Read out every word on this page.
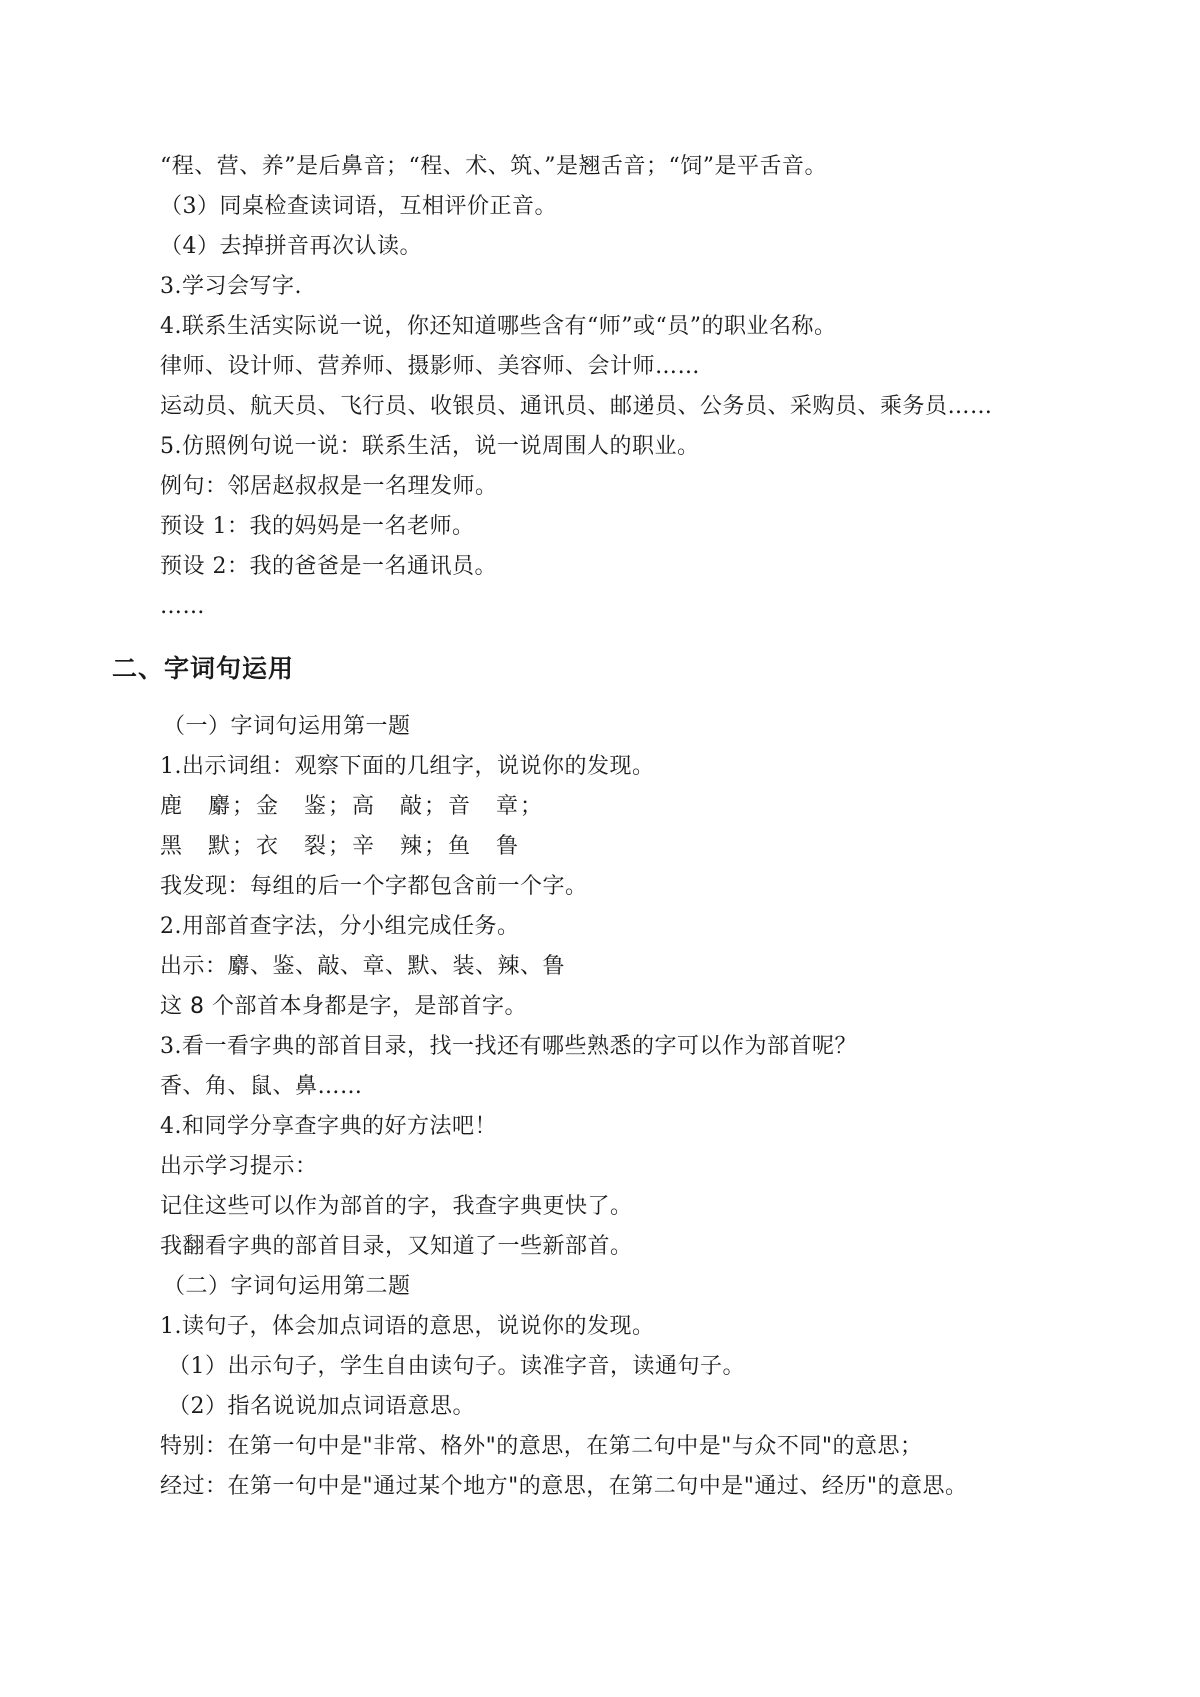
“程、营、养”是后鼻音；“程、术、筑、”是翘舌音；“饲”是平舌音。
（3）同桌检查读词语，互相评价正音。
（4）去掉拼音再次认读。
3.学习会写字.
4.联系生活实际说一说，你还知道哪些含有“师”或“员”的职业名称。
律师、设计师、营养师、摄影师、美容师、会计师……
运动员、航天员、飞行员、收银员、通讯员、邮递员、公务员、采购员、乘务员……
5.仿照例句说一说：联系生活，说一说周围人的职业。
例句：邻居赵叔叔是一名理发师。
预设 1：我的妈妈是一名老师。
预设 2：我的爸爸是一名通讯员。
……
二、字词句运用
（一）字词句运用第一题
1.出示词组：观察下面的几组字，说说你的发现。
鹿　麝；金　鉴；高　敲；音　章；
黑　默；衣　裂；辛　辣；鱼　鲁
我发现：每组的后一个字都包含前一个字。
2.用部首查字法，分小组完成任务。
出示：麝、鉴、敲、章、默、装、辣、鲁
这 8 个部首本身都是字，是部首字。
3.看一看字典的部首目录，找一找还有哪些熟悉的字可以作为部首呢？
香、角、鼠、鼻……
4.和同学分享查字典的好方法吧！
出示学习提示：
记住这些可以作为部首的字，我查字典更快了。
我翻看字典的部首目录，又知道了一些新部首。
（二）字词句运用第二题
1.读句子，体会加点词语的意思，说说你的发现。
（1）出示句子，学生自由读句子。读准字音，读通句子。
（2）指名说说加点词语意思。
特别：在第一句中是"非常、格外"的意思，在第二句中是"与众不同"的意思；
经过：在第一句中是"通过某个地方"的意思，在第二句中是"通过、经历"的意思。
